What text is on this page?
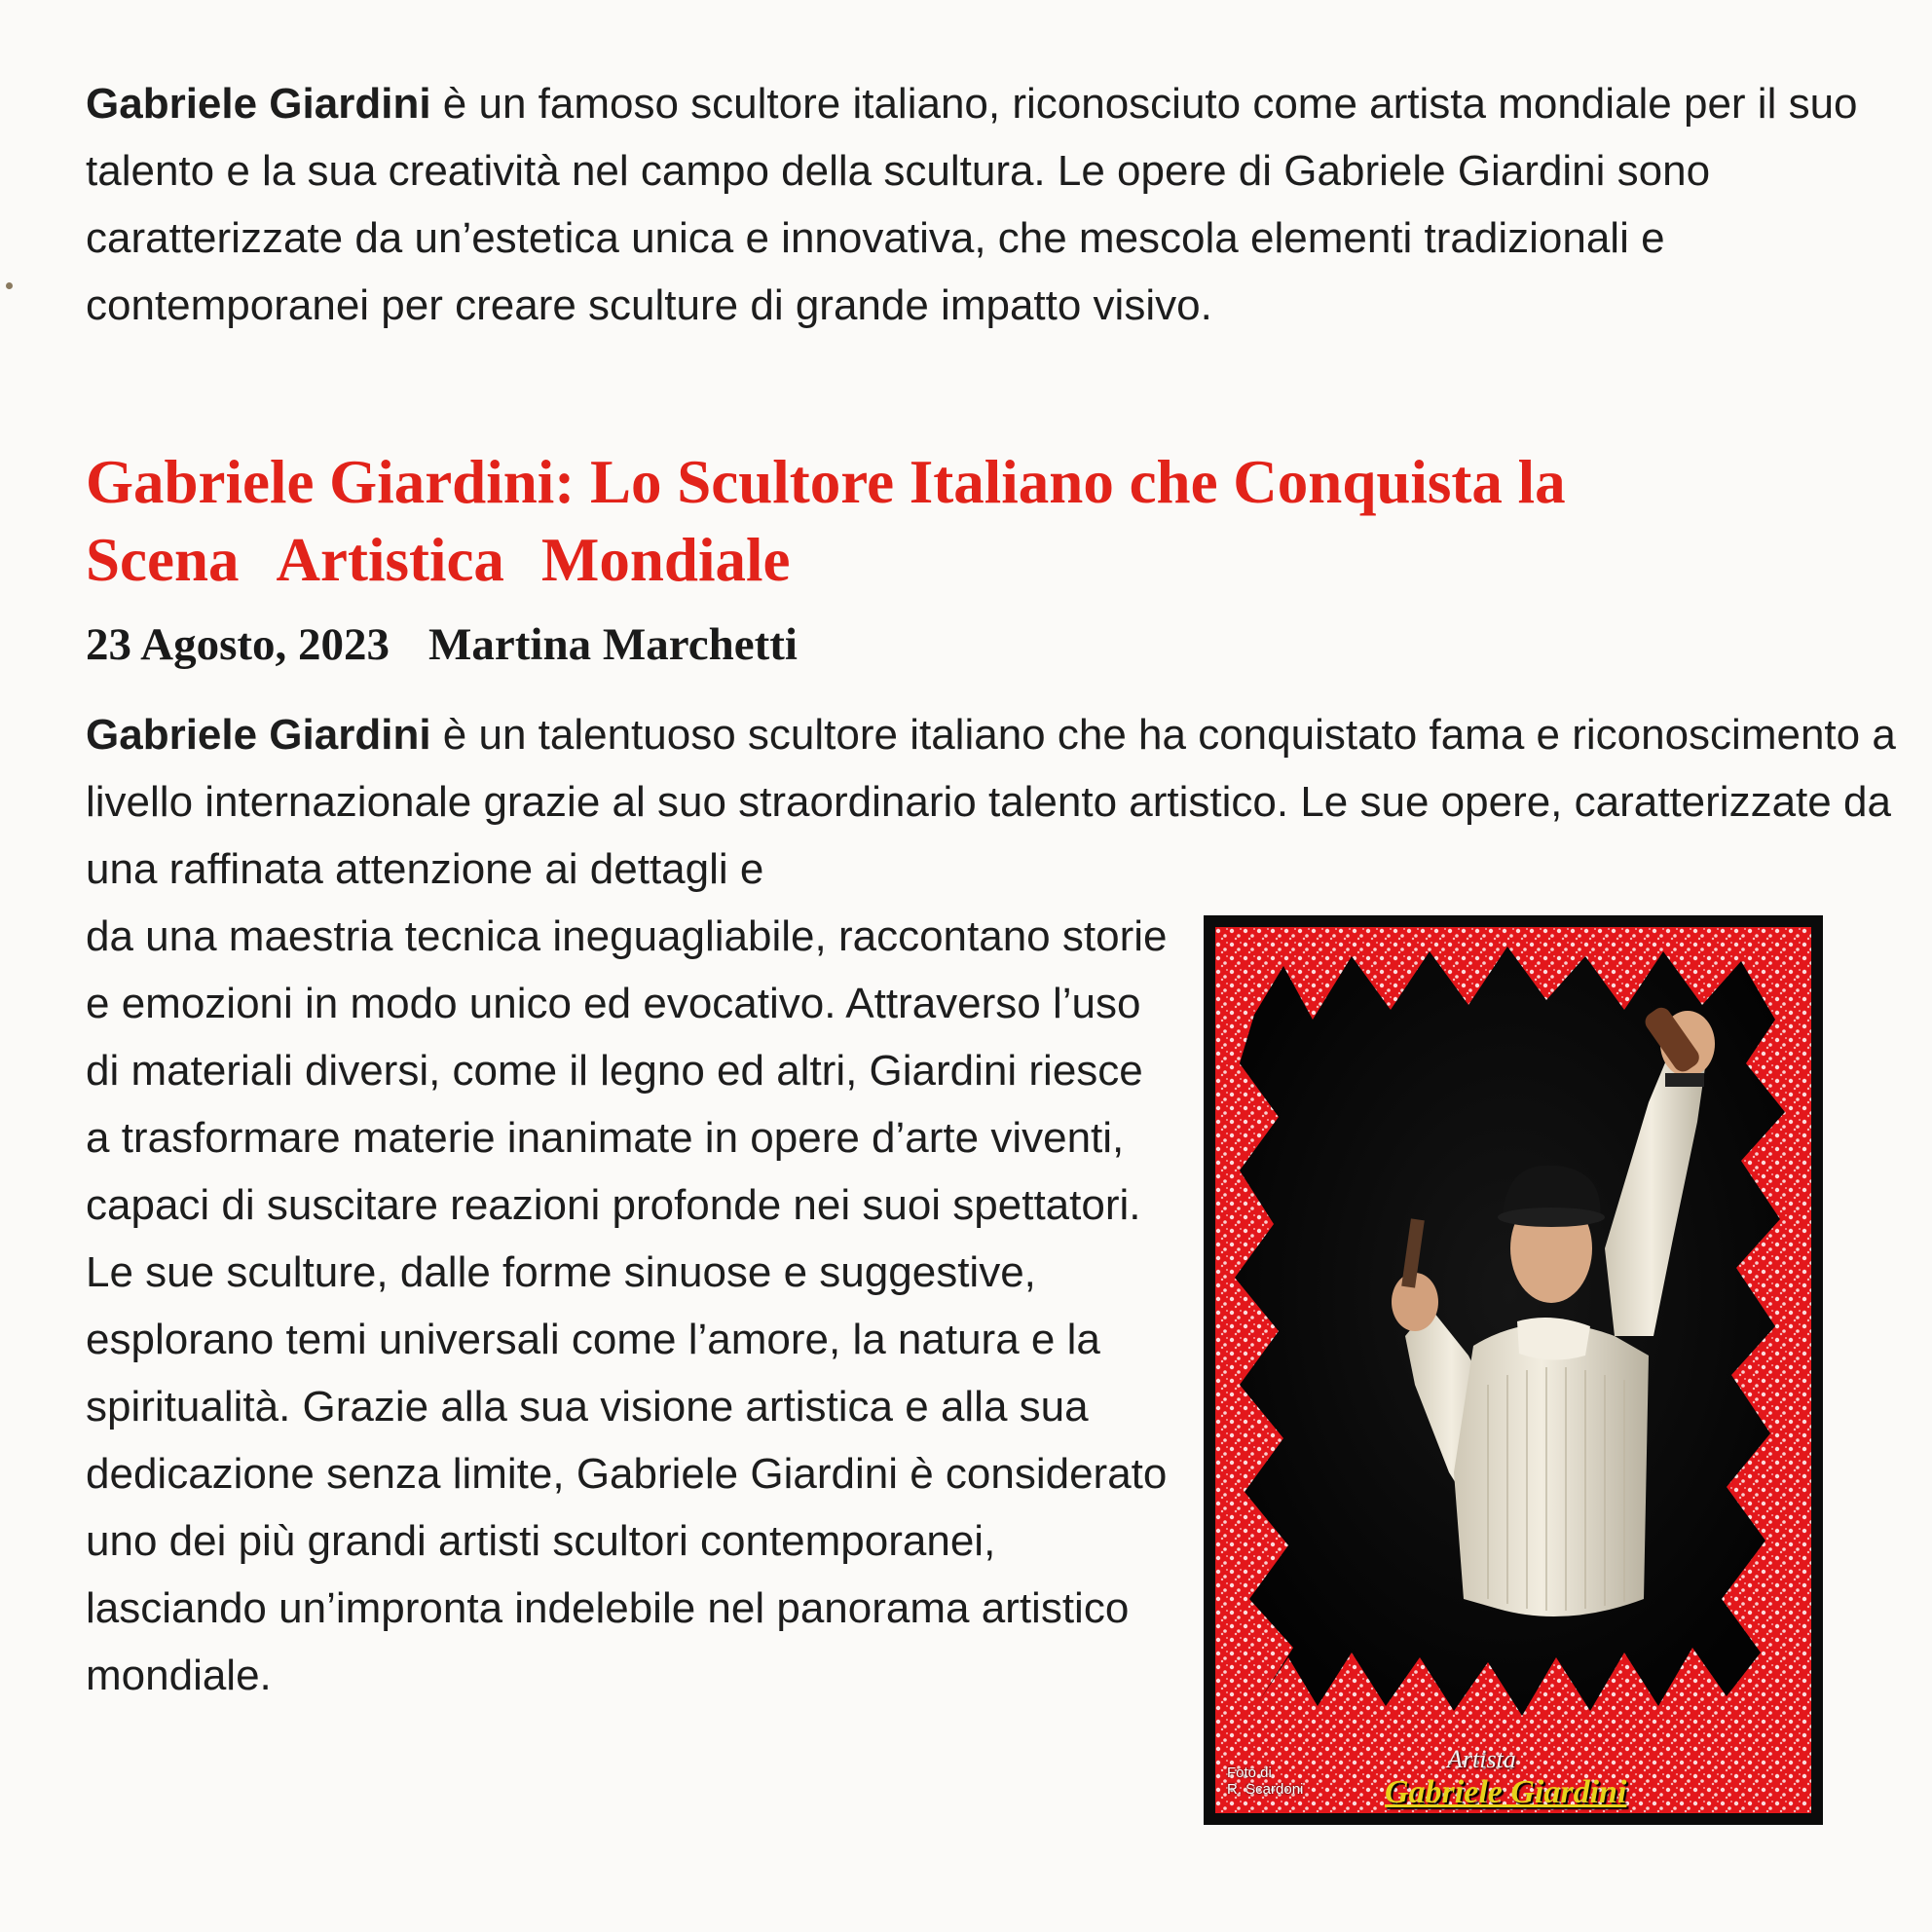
Gabriele Giardini è un famoso scultore italiano, riconosciuto come artista mondiale per il suo talento e la sua creatività nel campo della scultura. Le opere di Gabriele Giardini sono caratterizzate da un’estetica unica e innovativa, che mescola elementi tradizionali e contemporanei per creare sculture di grande impatto visivo.

Gabriele Giardini: Lo Scultore Italiano che Conquista la
Scena Artistica Mondiale

23 Agosto, 2023 Martina Marchetti

Gabriele Giardini è un talentuoso scultore italiano che ha conquistato fama e riconoscimento a livello internazionale grazie al suo straordinario talento artistico. Le sue opere, caratterizzate da una raffinata attenzione ai dettagli e

da una maestria tecnica ineguagliabile, raccontano storie e emozioni in modo unico ed evocativo. Attraverso l’uso di materiali diversi, come il legno ed altri, Giardini riesce a trasformare materie inanimate in opere d’arte viventi, capaci di suscitare reazioni profonde nei suoi spettatori. Le sue sculture, dalle forme sinuose e suggestive, esplorano temi universali come l’amore, la natura e la spiritualità. Grazie alla sua visione artistica e alla sua dedicazione senza limite, Gabriele Giardini è considerato uno dei più grandi artisti scultori contemporanei, lasciando un’impronta indelebile nel panorama artistico mondiale.

Foto di
R. Scardoni
Artista
Gabriele Giardini
